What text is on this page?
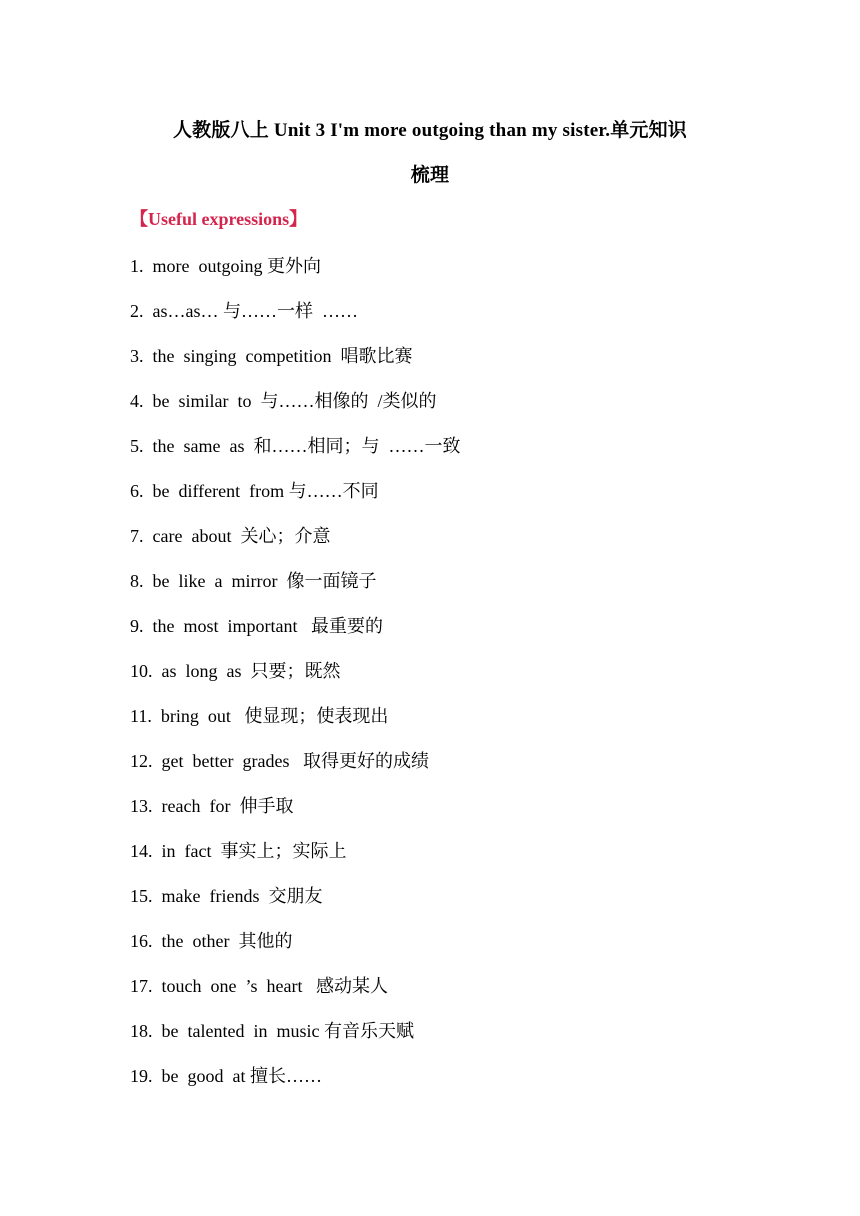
人教版八上 Unit 3 I'm more outgoing than my sister.单元知识
梳理
【Useful expressions】
1.  more  outgoing 更外向
2.  as…as… 与……一样  ……
3.  the  singing  competition  唱歌比赛
4.  be  similar  to  与……相像的  /类似的
5.  the  same  as  和……相同；与  ……一致
6.  be  different  from 与……不同
7.  care  about  关心；介意
8.  be  like  a  mirror  像一面镜子
9.  the  most  important   最重要的
10.  as  long  as  只要；既然
11.  bring  out   使显现；使表现出
12.  get  better  grades   取得更好的成绩
13.  reach  for  伸手取
14.  in  fact  事实上；实际上
15.  make  friends  交朋友
16.  the  other  其他的
17.  touch  one  ’s  heart   感动某人
18.  be  talented  in  music 有音乐天赋
19.  be  good  at 擅长……
